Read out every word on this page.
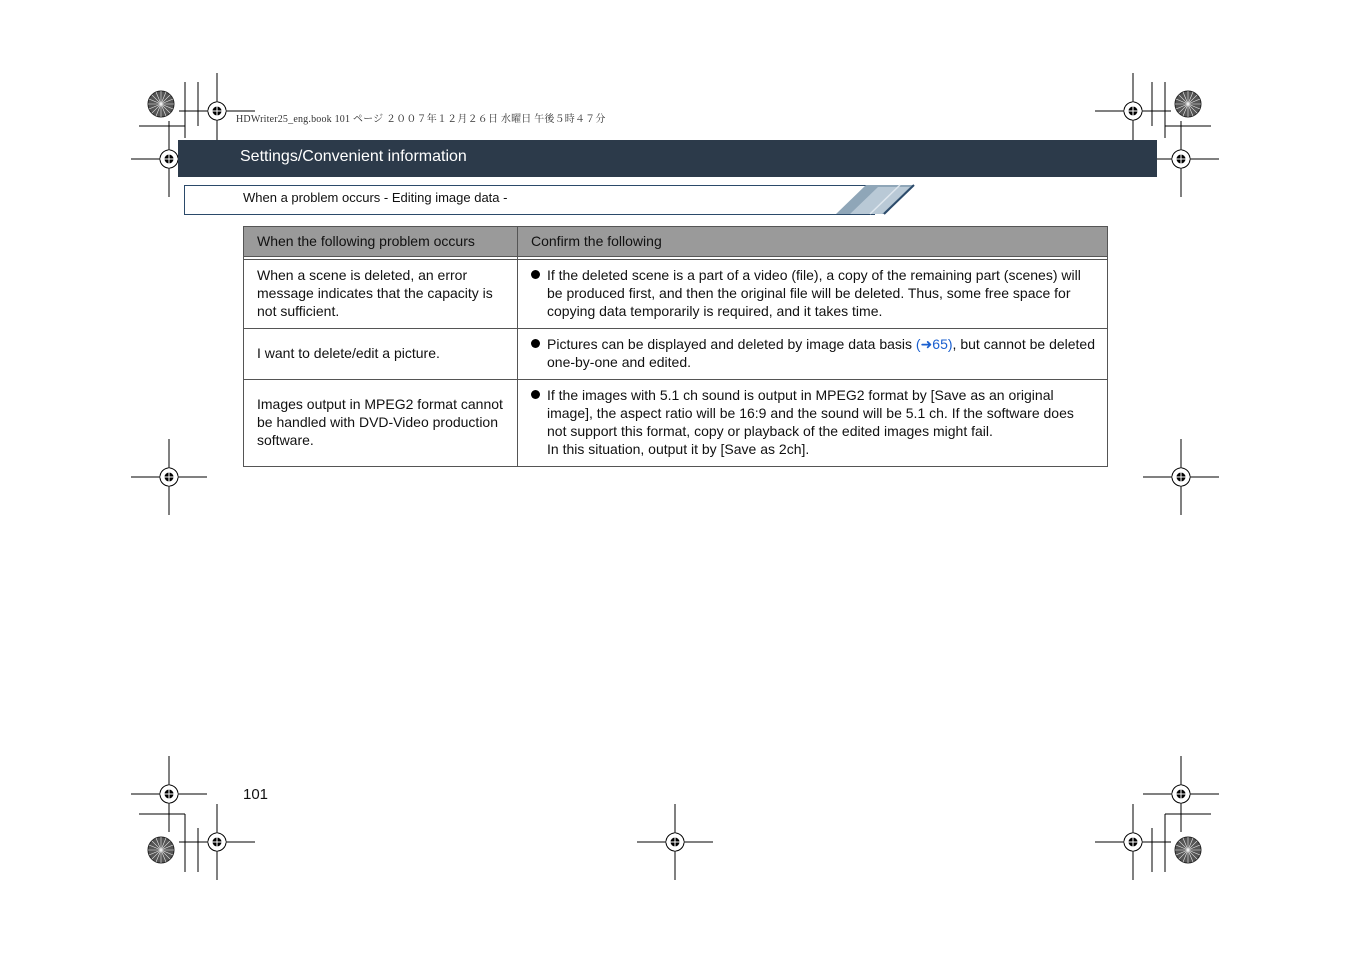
HDWriter25_eng.book 101 ページ ２００７年１２月２６日 水曜日 午後５時４７分
Settings/Convenient information
When a problem occurs - Editing image data -
When the following problem occurs	Confirm the following

When a scene is deleted, an error message indicates that the capacity is not sufficient.	If the deleted scene is a part of a video (file), a copy of the remaining part (scenes) will be produced first, and then the original file will be deleted. Thus, some free space for copying data temporarily is required, and it takes time.

I want to delete/edit a picture.	Pictures can be displayed and deleted by image data basis (➜65), but cannot be deleted one-by-one and edited.

Images output in MPEG2 format cannot be handled with DVD-Video production software.	If the images with 5.1 ch sound is output in MPEG2 format by [Save as an original image], the aspect ratio will be 16:9 and the sound will be 5.1 ch. If the software does not support this format, copy or playback of the edited images might fail.
In this situation, output it by [Save as 2ch].
101
